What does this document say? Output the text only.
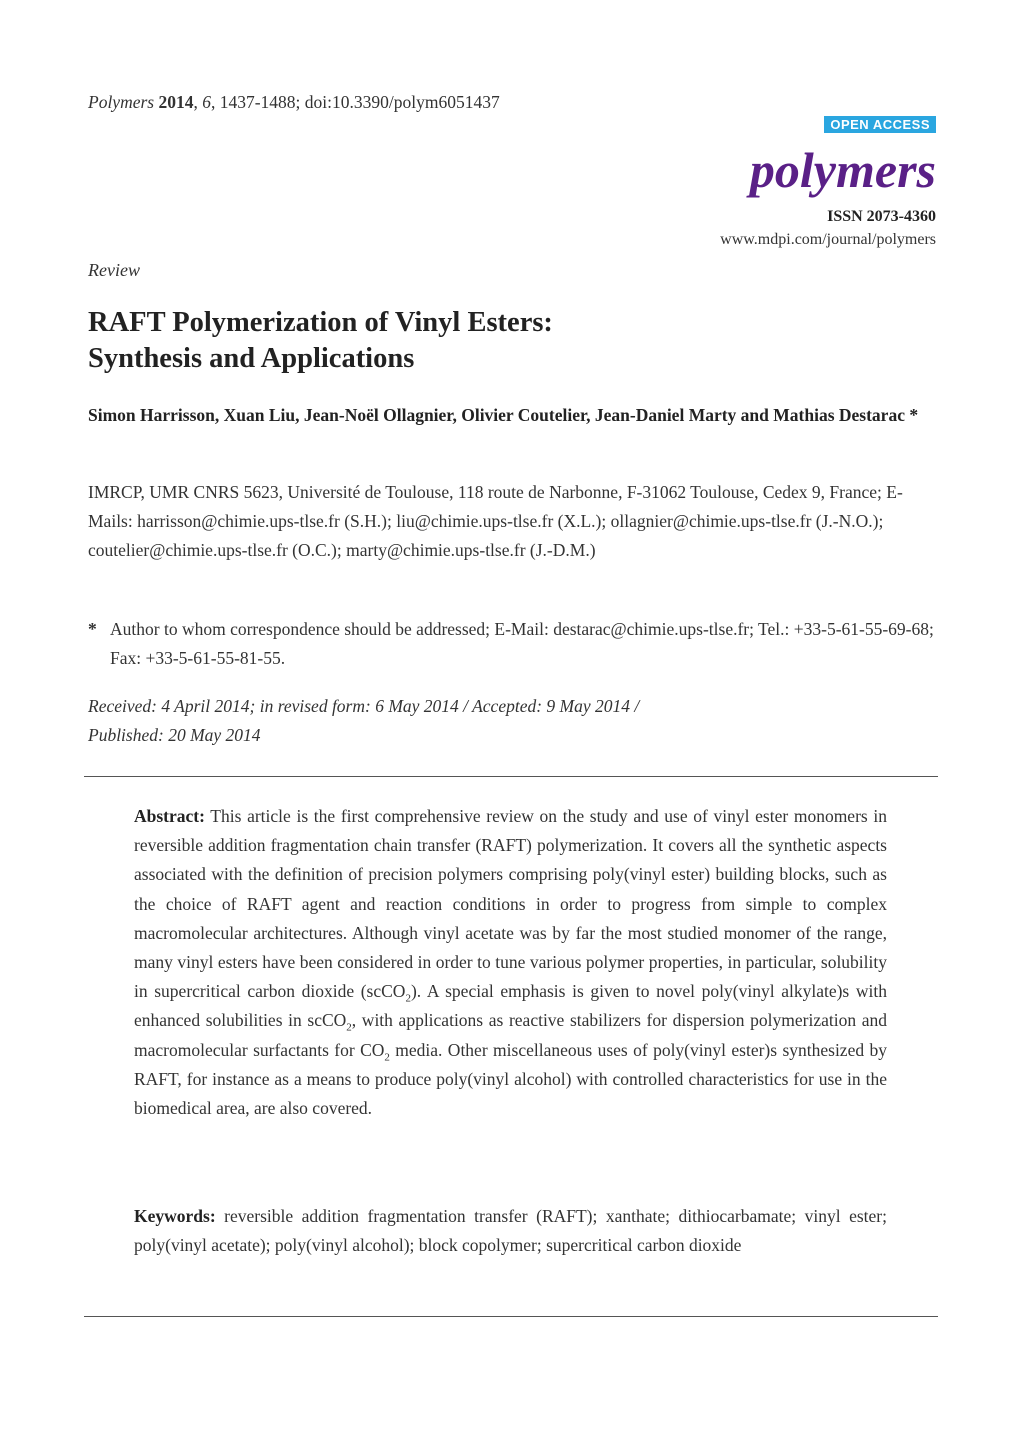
Polymers 2014, 6, 1437-1488; doi:10.3390/polym6051437
OPEN ACCESS
polymers
ISSN 2073-4360
www.mdpi.com/journal/polymers
Review
RAFT Polymerization of Vinyl Esters:
Synthesis and Applications
Simon Harrisson, Xuan Liu, Jean-Noël Ollagnier, Olivier Coutelier, Jean-Daniel Marty and Mathias Destarac *
IMRCP, UMR CNRS 5623, Université de Toulouse, 118 route de Narbonne, F-31062 Toulouse, Cedex 9, France; E-Mails: harrisson@chimie.ups-tlse.fr (S.H.); liu@chimie.ups-tlse.fr (X.L.); ollagnier@chimie.ups-tlse.fr (J.-N.O.); coutelier@chimie.ups-tlse.fr (O.C.); marty@chimie.ups-tlse.fr (J.-D.M.)
* Author to whom correspondence should be addressed; E-Mail: destarac@chimie.ups-tlse.fr; Tel.: +33-5-61-55-69-68; Fax: +33-5-61-55-81-55.
Received: 4 April 2014; in revised form: 6 May 2014 / Accepted: 9 May 2014 /
Published: 20 May 2014
Abstract: This article is the first comprehensive review on the study and use of vinyl ester monomers in reversible addition fragmentation chain transfer (RAFT) polymerization. It covers all the synthetic aspects associated with the definition of precision polymers comprising poly(vinyl ester) building blocks, such as the choice of RAFT agent and reaction conditions in order to progress from simple to complex macromolecular architectures. Although vinyl acetate was by far the most studied monomer of the range, many vinyl esters have been considered in order to tune various polymer properties, in particular, solubility in supercritical carbon dioxide (scCO$_2$). A special emphasis is given to novel poly(vinyl alkylate)s with enhanced solubilities in scCO$_2$, with applications as reactive stabilizers for dispersion polymerization and macromolecular surfactants for $CO_2$ media. Other miscellaneous uses of poly(vinyl ester)s synthesized by RAFT, for instance as a means to produce poly(vinyl alcohol) with controlled characteristics for use in the biomedical area, are also covered.
Keywords: reversible addition fragmentation transfer (RAFT); xanthate; dithiocarbamate; vinyl ester; poly(vinyl acetate); poly(vinyl alcohol); block copolymer; supercritical carbon dioxide
